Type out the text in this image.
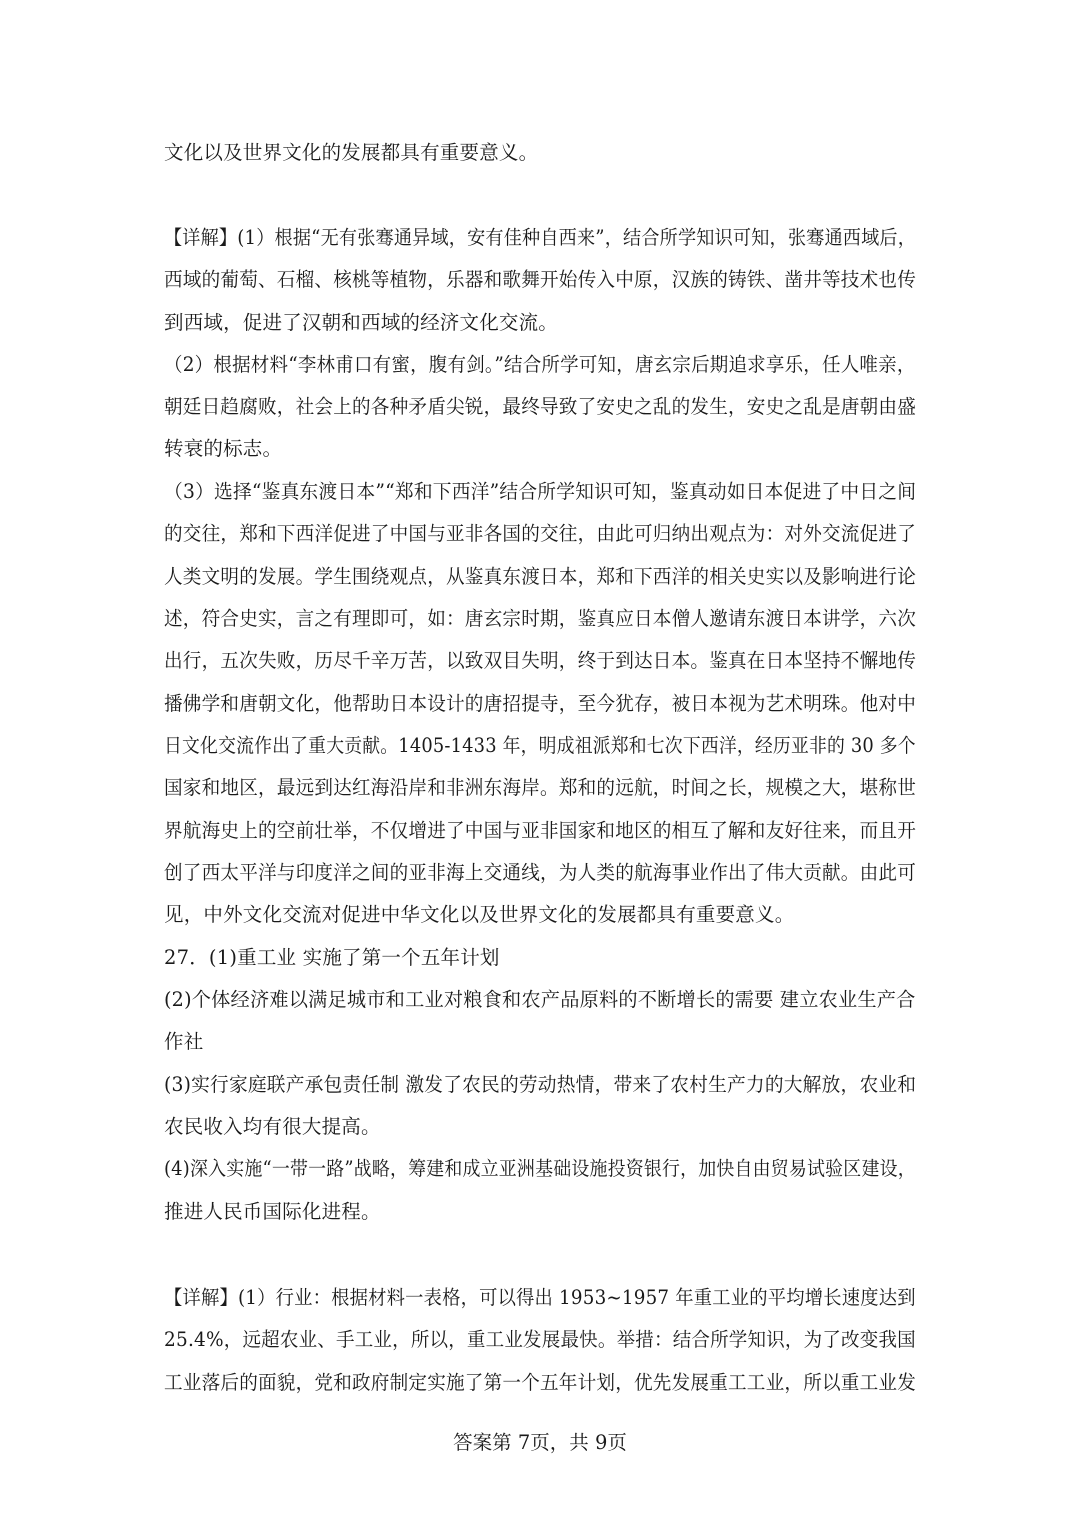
文化以及世界文化的发展都具有重要意义。
【详解】(1）根据“无有张骞通异域，安有佳种自西来”，结合所学知识可知，张骞通西域后，
西域的葡萄、石榴、核桃等植物，乐器和歌舞开始传入中原，汉族的铸铁、凿井等技术也传
到西域，促进了汉朝和西域的经济文化交流。
（2）根据材料“李林甫口有蜜，腹有剑。”结合所学可知，唐玄宗后期追求享乐，任人唯亲，
朝廷日趋腐败，社会上的各种矛盾尖锐，最终导致了安史之乱的发生，安史之乱是唐朝由盛
转衰的标志。
（3）选择“鉴真东渡日本”“郑和下西洋”结合所学知识可知，鉴真动如日本促进了中日之间
的交往，郑和下西洋促进了中国与亚非各国的交往，由此可归纳出观点为：对外交流促进了
人类文明的发展。学生围绕观点，从鉴真东渡日本，郑和下西洋的相关史实以及影响进行论
述，符合史实，言之有理即可，如：唐玄宗时期，鉴真应日本僧人邀请东渡日本讲学，六次
出行，五次失败，历尽千辛万苦，以致双目失明，终于到达日本。鉴真在日本坚持不懈地传
播佛学和唐朝文化，他帮助日本设计的唐招提寺，至今犹存，被日本视为艺术明珠。他对中
日文化交流作出了重大贡献。1405-1433 年，明成祖派郑和七次下西洋，经历亚非的 30 多个
国家和地区，最远到达红海沿岸和非洲东海岸。郑和的远航，时间之长，规模之大，堪称世
界航海史上的空前壮举，不仅增进了中国与亚非国家和地区的相互了解和友好往来，而且开
创了西太平洋与印度洋之间的亚非海上交通线，为人类的航海事业作出了伟大贡献。由此可
见，中外文化交流对促进中华文化以及世界文化的发展都具有重要意义。
27．(1)重工业 实施了第一个五年计划
(2)个体经济难以满足城市和工业对粮食和农产品原料的不断增长的需要 建立农业生产合
作社
(3)实行家庭联产承包责任制 激发了农民的劳动热情，带来了农村生产力的大解放，农业和
农民收入均有很大提高。
(4)深入实施“一带一路”战略，筹建和成立亚洲基础设施投资银行，加快自由贸易试验区建设，
推进人民币国际化进程。
【详解】(1）行业：根据材料一表格，可以得出 1953~1957 年重工业的平均增长速度达到
25.4%，远超农业、手工业，所以，重工业发展最快。举措：结合所学知识，为了改变我国
工业落后的面貌，党和政府制定实施了第一个五年计划，优先发展重工工业，所以重工业发
答案第 7页，共 9页
